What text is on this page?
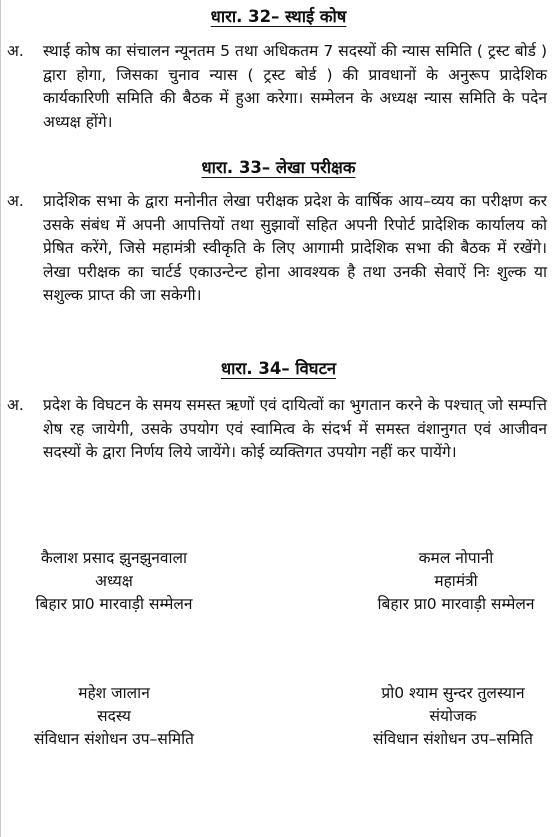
धारा. 32– स्थाई कोष
अ. स्थाई कोष का संचालन न्यूनतम 5 तथा अधिकतम 7 सदस्यों की न्यास समिति ( ट्रस्ट बोर्ड ) द्वारा होगा, जिसका चुनाव न्यास ( ट्रस्ट बोर्ड ) की प्रावधानों के अनुरूप प्रादेशिक कार्यकारिणी समिति की बैठक में हुआ करेगा। सम्मेलन के अध्यक्ष न्यास समिति के पदेन अध्यक्ष होंगे।
धारा. 33– लेखा परीक्षक
अ. प्रादेशिक सभा के द्वारा मनोनीत लेखा परीक्षक प्रदेश के वार्षिक आय–व्यय का परीक्षण कर उसके संबंध में अपनी आपत्तियों तथा सुझावों सहित अपनी रिपोर्ट प्रादेशिक कार्यालय को प्रेषित करेंगे, जिसे महामंत्री स्वीकृति के लिए आगामी प्रादेशिक सभा की बैठक में रखेंगे। लेखा परीक्षक का चार्टर्ड एकाउन्टेन्ट होना आवश्यक है तथा उनकी सेवाऐं निः शुल्क या सशुल्क प्राप्त की जा सकेगी।
धारा. 34– विघटन
अ. प्रदेश के विघटन के समय समस्त ऋणों एवं दायित्वों का भुगतान करने के पश्चात् जो सम्पत्ति शेष रह जायेगी, उसके उपयोग एवं स्वामित्व के संदर्भ में समस्त वंशानुगत एवं आजीवन सदस्यों के द्वारा निर्णय लिये जायेंगे। कोई व्यक्तिगत उपयोग नहीं कर पायेंगे।
कैलाश प्रसाद झुनझुनवाला
अध्यक्ष
बिहार प्रा0 मारवाड़ी सम्मेलन
कमल नोपानी
महामंत्री
बिहार प्रा0 मारवाड़ी सम्मेलन
महेश जालान
सदस्य
संविधान संशोधन उप–समिति
प्रो0 श्याम सुन्दर तुलस्यान
संयोजक
संविधान संशोधन उप–समिति
